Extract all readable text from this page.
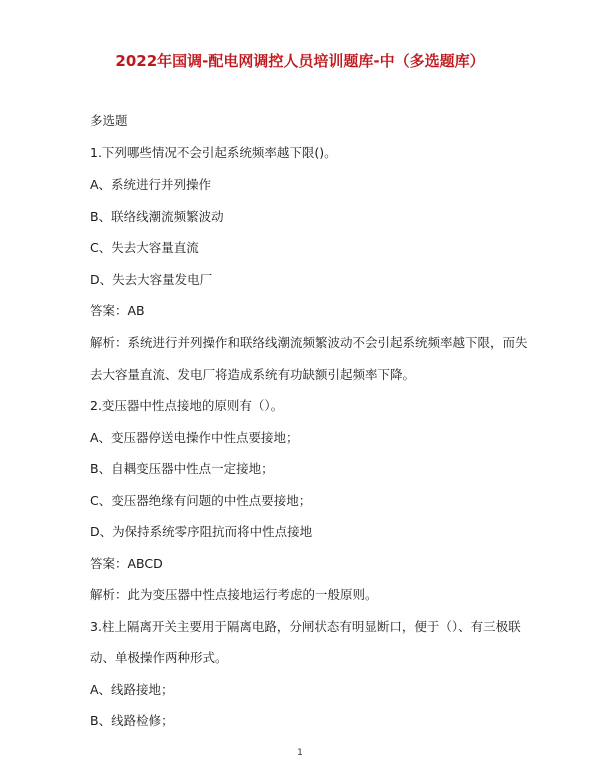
2022年国调-配电网调控人员培训题库-中（多选题库）
多选题
1.下列哪些情况不会引起系统频率越下限()。
A、系统进行并列操作
B、联络线潮流频繁波动
C、失去大容量直流
D、失去大容量发电厂
答案：AB
解析：系统进行并列操作和联络线潮流频繁波动不会引起系统频率越下限，而失
去大容量直流、发电厂将造成系统有功缺额引起频率下降。
2.变压器中性点接地的原则有（）。
A、变压器停送电操作中性点要接地；
B、自耦变压器中性点一定接地；
C、变压器绝缘有问题的中性点要接地；
D、为保持系统零序阻抗而将中性点接地
答案：ABCD
解析：此为变压器中性点接地运行考虑的一般原则。
3.柱上隔离开关主要用于隔离电路，分闸状态有明显断口，便于（）、有三极联
动、单极操作两种形式。
A、线路接地；
B、线路检修；
1
